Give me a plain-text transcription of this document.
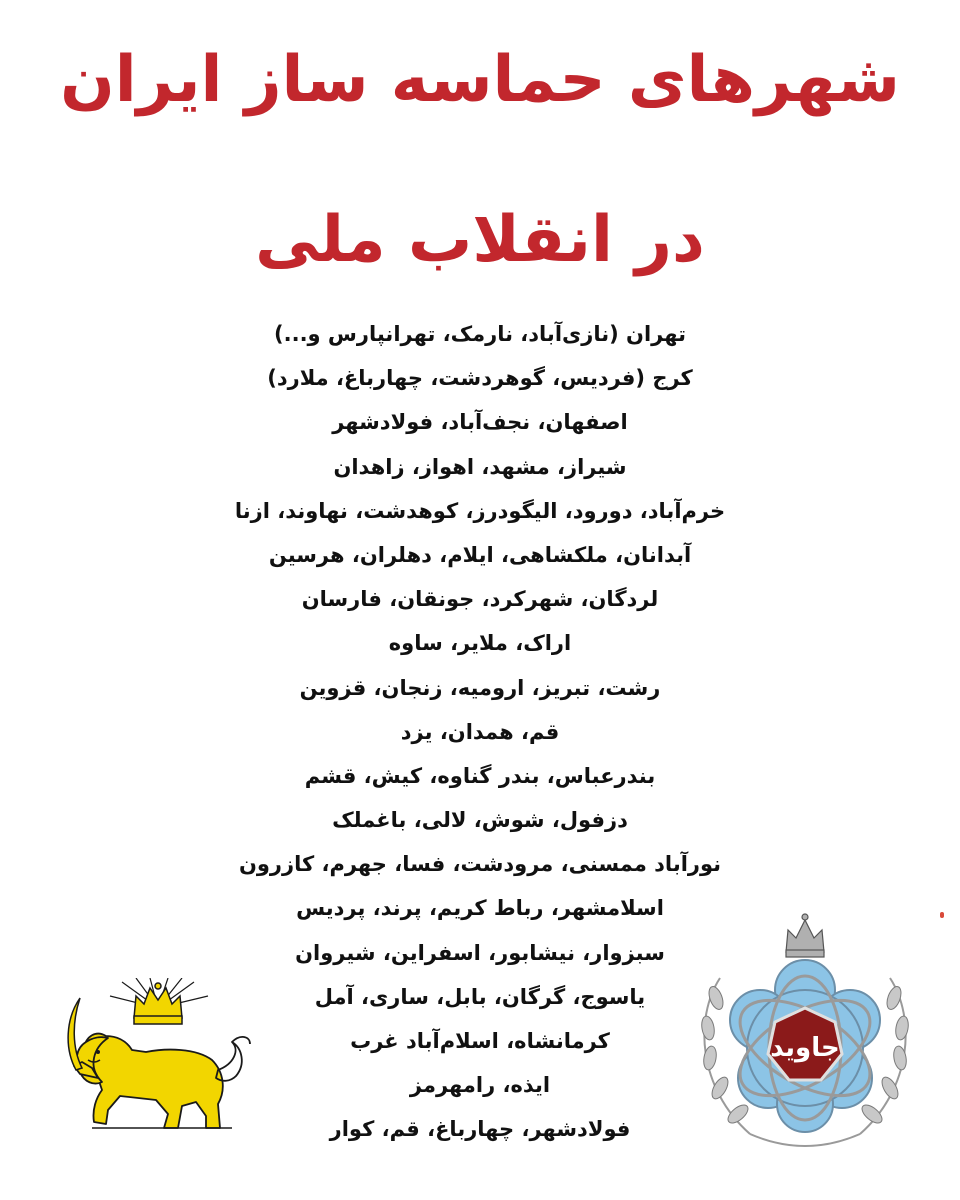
شهرهای حماسه ساز ایران
در انقلاب ملی
تهران (نازی‌آباد، نارمک، تهرانپارس و...)
کرج (فردیس، گوهردشت، چهارباغ، ملارد)
اصفهان، نجف‌آباد، فولادشهر
شیراز، مشهد، اهواز، زاهدان
خرم‌آباد، دورود، الیگودرز، کوهدشت، نهاوند، ازنا
آبدانان، ملکشاهی، ایلام، دهلران، هرسین
لردگان، شهرکرد، جونقان، فارسان
اراک، ملایر، ساوه
رشت، تبریز، ارومیه، زنجان، قزوین
قم، همدان، یزد
بندرعباس، بندر گناوه، کیش، قشم
دزفول، شوش، لالی، باغملک
نورآباد ممسنی، مرودشت، فسا، جهرم، کازرون
اسلامشهر، رباط کریم، پرند، پردیس
سبزوار، نیشابور، اسفراین، شیروان
یاسوج، گرگان، بابل، ساری، آمل
کرمانشاه، اسلام‌آباد غرب
ایذه، رامهرمز
فولادشهر، چهارباغ، قم، کوار
جاوید
